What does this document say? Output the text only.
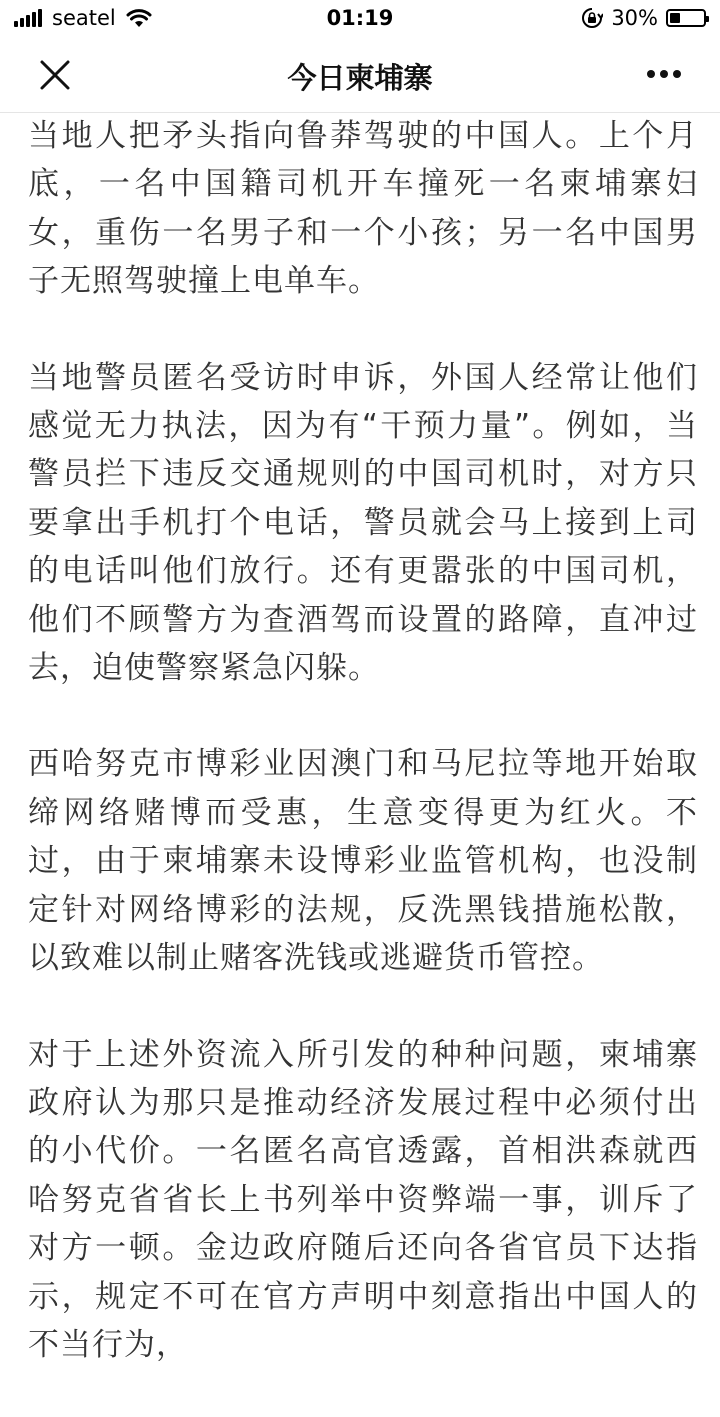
seatel	01:19	30%
今日柬埔寨

当地人把矛头指向鲁莽驾驶的中国人。上个月底，一名中国籍司机开车撞死一名柬埔寨妇女，重伤一名男子和一个小孩；另一名中国男子无照驾驶撞上电单车。

当地警员匿名受访时申诉，外国人经常让他们感觉无力执法，因为有“干预力量”。例如，当警员拦下违反交通规则的中国司机时，对方只要拿出手机打个电话，警员就会马上接到上司的电话叫他们放行。还有更嚣张的中国司机，他们不顾警方为查酒驾而设置的路障，直冲过去，迫使警察紧急闪躲。

西哈努克市博彩业因澳门和马尼拉等地开始取缔网络赌博而受惠，生意变得更为红火。不过，由于柬埔寨未设博彩业监管机构，也没制定针对网络博彩的法规，反洗黑钱措施松散，以致难以制止赌客洗钱或逃避货币管控。

对于上述外资流入所引发的种种问题，柬埔寨政府认为那只是推动经济发展过程中必须付出的小代价。一名匿名高官透露，首相洪森就西哈努克省省长上书列举中资弊端一事，训斥了对方一顿。金边政府随后还向各省官员下达指示，规定不可在官方声明中刻意指出中国人的不当行为，
